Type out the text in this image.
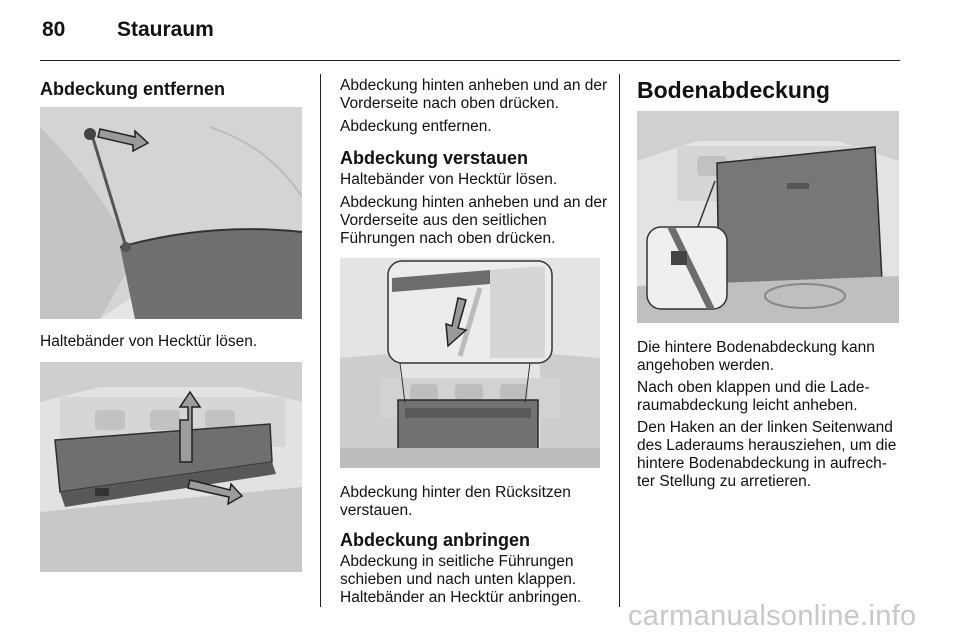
80 Stauraum
Abdeckung entfernen
Haltebänder von Hecktür lösen.
Abdeckung hinten anheben und an der Vorderseite nach oben drücken.
Abdeckung entfernen.
Abdeckung verstauen
Haltebänder von Hecktür lösen.
Abdeckung hinten anheben und an der Vorderseite aus den seitlichen Führungen nach oben drücken.
Abdeckung hinter den Rücksitzen verstauen.
Abdeckung anbringen
Abdeckung in seitliche Führungen schieben und nach unten klappen. Haltebänder an Hecktür anbringen.
Bodenabdeckung
Die hintere Bodenabdeckung kann angehoben werden.
Nach oben klappen und die Lade-raumabdeckung leicht anheben.
Den Haken an der linken Seitenwand des Laderaums herausziehen, um die hintere Bodenabdeckung in aufrech-ter Stellung zu arretieren.
carmanualsonline.info
